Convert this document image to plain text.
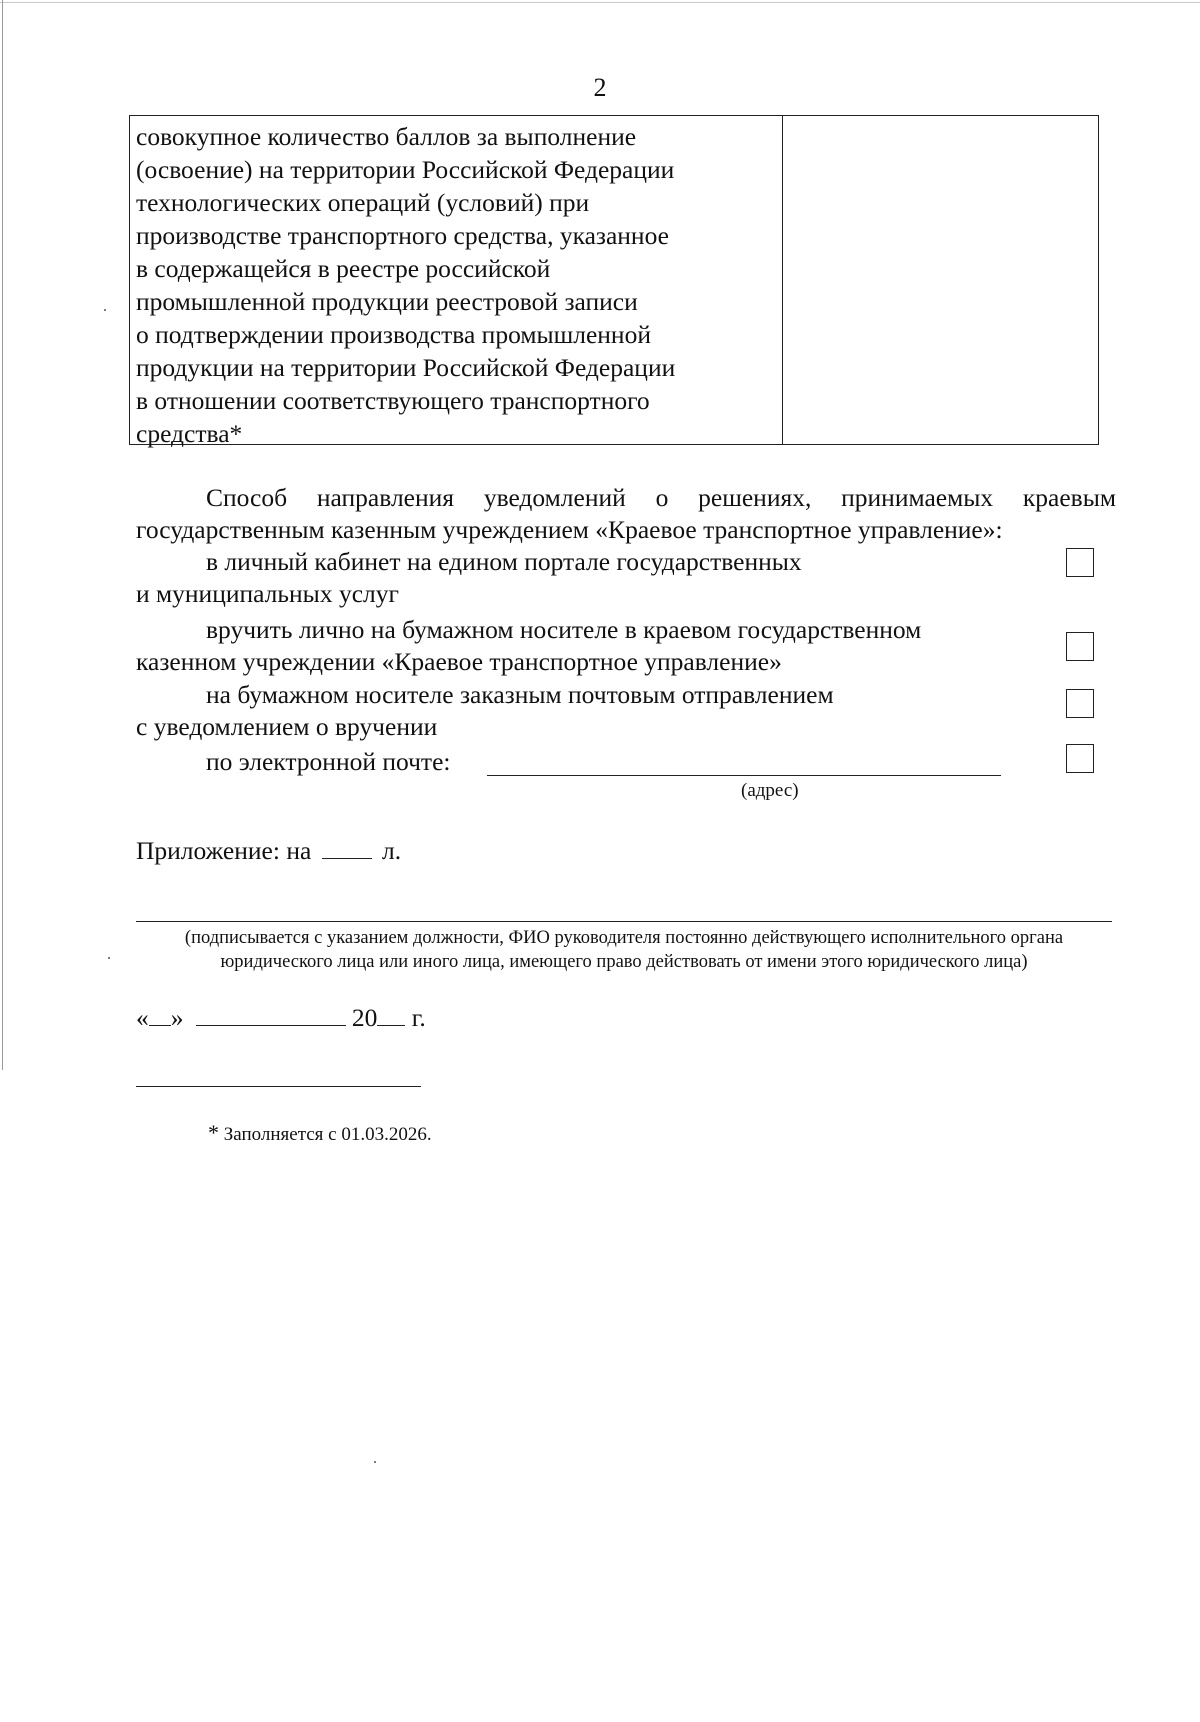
2
совокупное количество баллов за выполнение
(освоение) на территории Российской Федерации
технологических операций (условий) при
производстве транспортного средства, указанное
в содержащейся в реестре российской
промышленной продукции реестровой записи
о подтверждении производства промышленной
продукции на территории Российской Федерации
в отношении соответствующего транспортного
средства*
Способ направления уведомлений о решениях, принимаемых краевым
государственным казенным учреждением «Краевое транспортное управление»:
в личный кабинет на едином портале государственных
и муниципальных услуг
вручить лично на бумажном носителе в краевом государственном
казенном учреждении «Краевое транспортное управление»
на бумажном носителе заказным почтовым отправлением
с уведомлением о вручении
по электронной почте:
(адрес)
Приложение: на	л.
(подписывается с указанием должности, ФИО руководителя постоянно действующего исполнительного органа
юридического лица или иного лица, имеющего право действовать от имени этого юридического лица)
« »	20 г.
* Заполняется с 01.03.2026.
